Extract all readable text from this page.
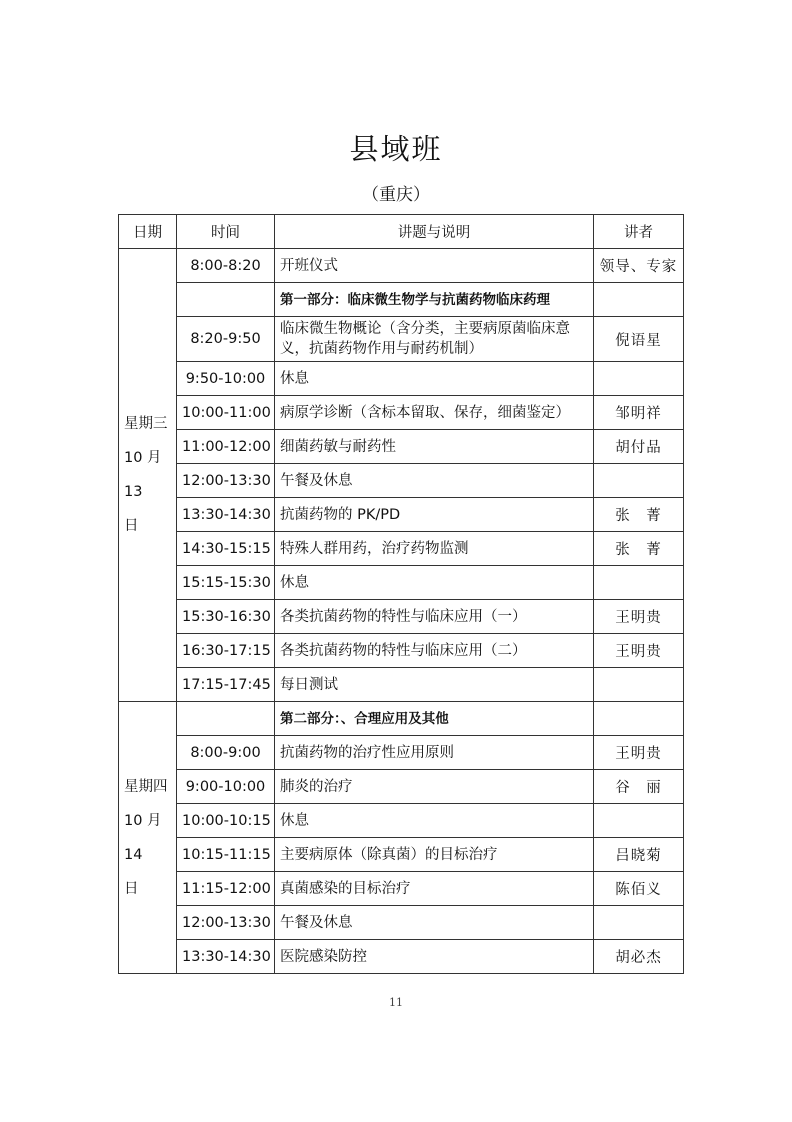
县域班
（重庆）
日期	时间	讲题与说明	讲者

星期三
10 月 13
日	8:00-8:20	开班仪式	领导、专家
		第一部分：临床微生物学与抗菌药物临床药理	
	8:20-9:50	临床微生物概论（含分类，主要病原菌临床意义，抗菌药物作用与耐药机制）	倪语星
	9:50-10:00	休息	
	10:00-11:00	病原学诊断（含标本留取、保存，细菌鉴定）	邹明祥
	11:00-12:00	细菌药敏与耐药性	胡付品
	12:00-13:30	午餐及休息	
	13:30-14:30	抗菌药物的 PK/PD	张　菁
	14:30-15:15	特殊人群用药，治疗药物监测	张　菁
	15:15-15:30	休息	
	15:30-16:30	各类抗菌药物的特性与临床应用（一）	王明贵
	16:30-17:15	各类抗菌药物的特性与临床应用（二）	王明贵
	17:15-17:45	每日测试	

星期四
10 月 14
日		第二部分：、合理应用及其他	
	8:00-9:00	抗菌药物的治疗性应用原则	王明贵
	9:00-10:00	肺炎的治疗	谷　丽
	10:00-10:15	休息	
	10:15-11:15	主要病原体（除真菌）的目标治疗	吕晓菊
	11:15-12:00	真菌感染的目标治疗	陈佰义
	12:00-13:30	午餐及休息	
	13:30-14:30	医院感染防控	胡必杰
11
